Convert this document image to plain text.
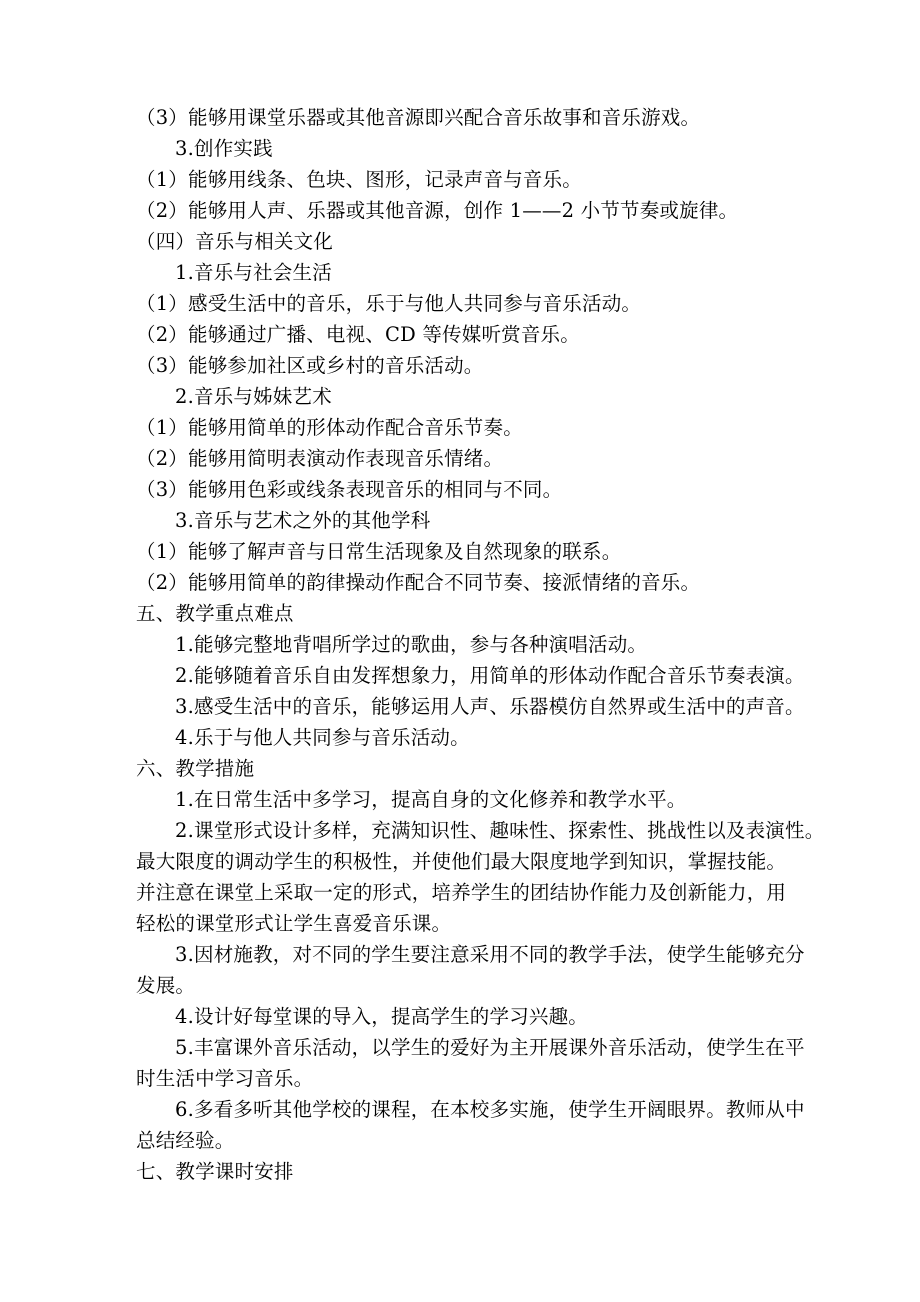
（3）能够用课堂乐器或其他音源即兴配合音乐故事和音乐游戏。
3.创作实践
（1）能够用线条、色块、图形，记录声音与音乐。
（2）能够用人声、乐器或其他音源，创作 1——2 小节节奏或旋律。
（四）音乐与相关文化
1.音乐与社会生活
（1）感受生活中的音乐，乐于与他人共同参与音乐活动。
（2）能够通过广播、电视、CD 等传媒听赏音乐。
（3）能够参加社区或乡村的音乐活动。
2.音乐与姊妹艺术
（1）能够用简单的形体动作配合音乐节奏。
（2）能够用简明表演动作表现音乐情绪。
（3）能够用色彩或线条表现音乐的相同与不同。
3.音乐与艺术之外的其他学科
（1）能够了解声音与日常生活现象及自然现象的联系。
（2）能够用简单的韵律操动作配合不同节奏、接派情绪的音乐。
五、教学重点难点
1.能够完整地背唱所学过的歌曲，参与各种演唱活动。
2.能够随着音乐自由发挥想象力，用简单的形体动作配合音乐节奏表演。
3.感受生活中的音乐，能够运用人声、乐器模仿自然界或生活中的声音。
4.乐于与他人共同参与音乐活动。
六、教学措施
1.在日常生活中多学习，提高自身的文化修养和教学水平。
2.课堂形式设计多样，充满知识性、趣味性、探索性、挑战性以及表演性。
最大限度的调动学生的积极性，并使他们最大限度地学到知识，掌握技能。
并注意在课堂上采取一定的形式，培养学生的团结协作能力及创新能力，用
轻松的课堂形式让学生喜爱音乐课。
3.因材施教，对不同的学生要注意采用不同的教学手法，使学生能够充分
发展。
4.设计好每堂课的导入，提高学生的学习兴趣。
5.丰富课外音乐活动，以学生的爱好为主开展课外音乐活动，使学生在平
时生活中学习音乐。
6.多看多听其他学校的课程，在本校多实施，使学生开阔眼界。教师从中
总结经验。
七、教学课时安排
